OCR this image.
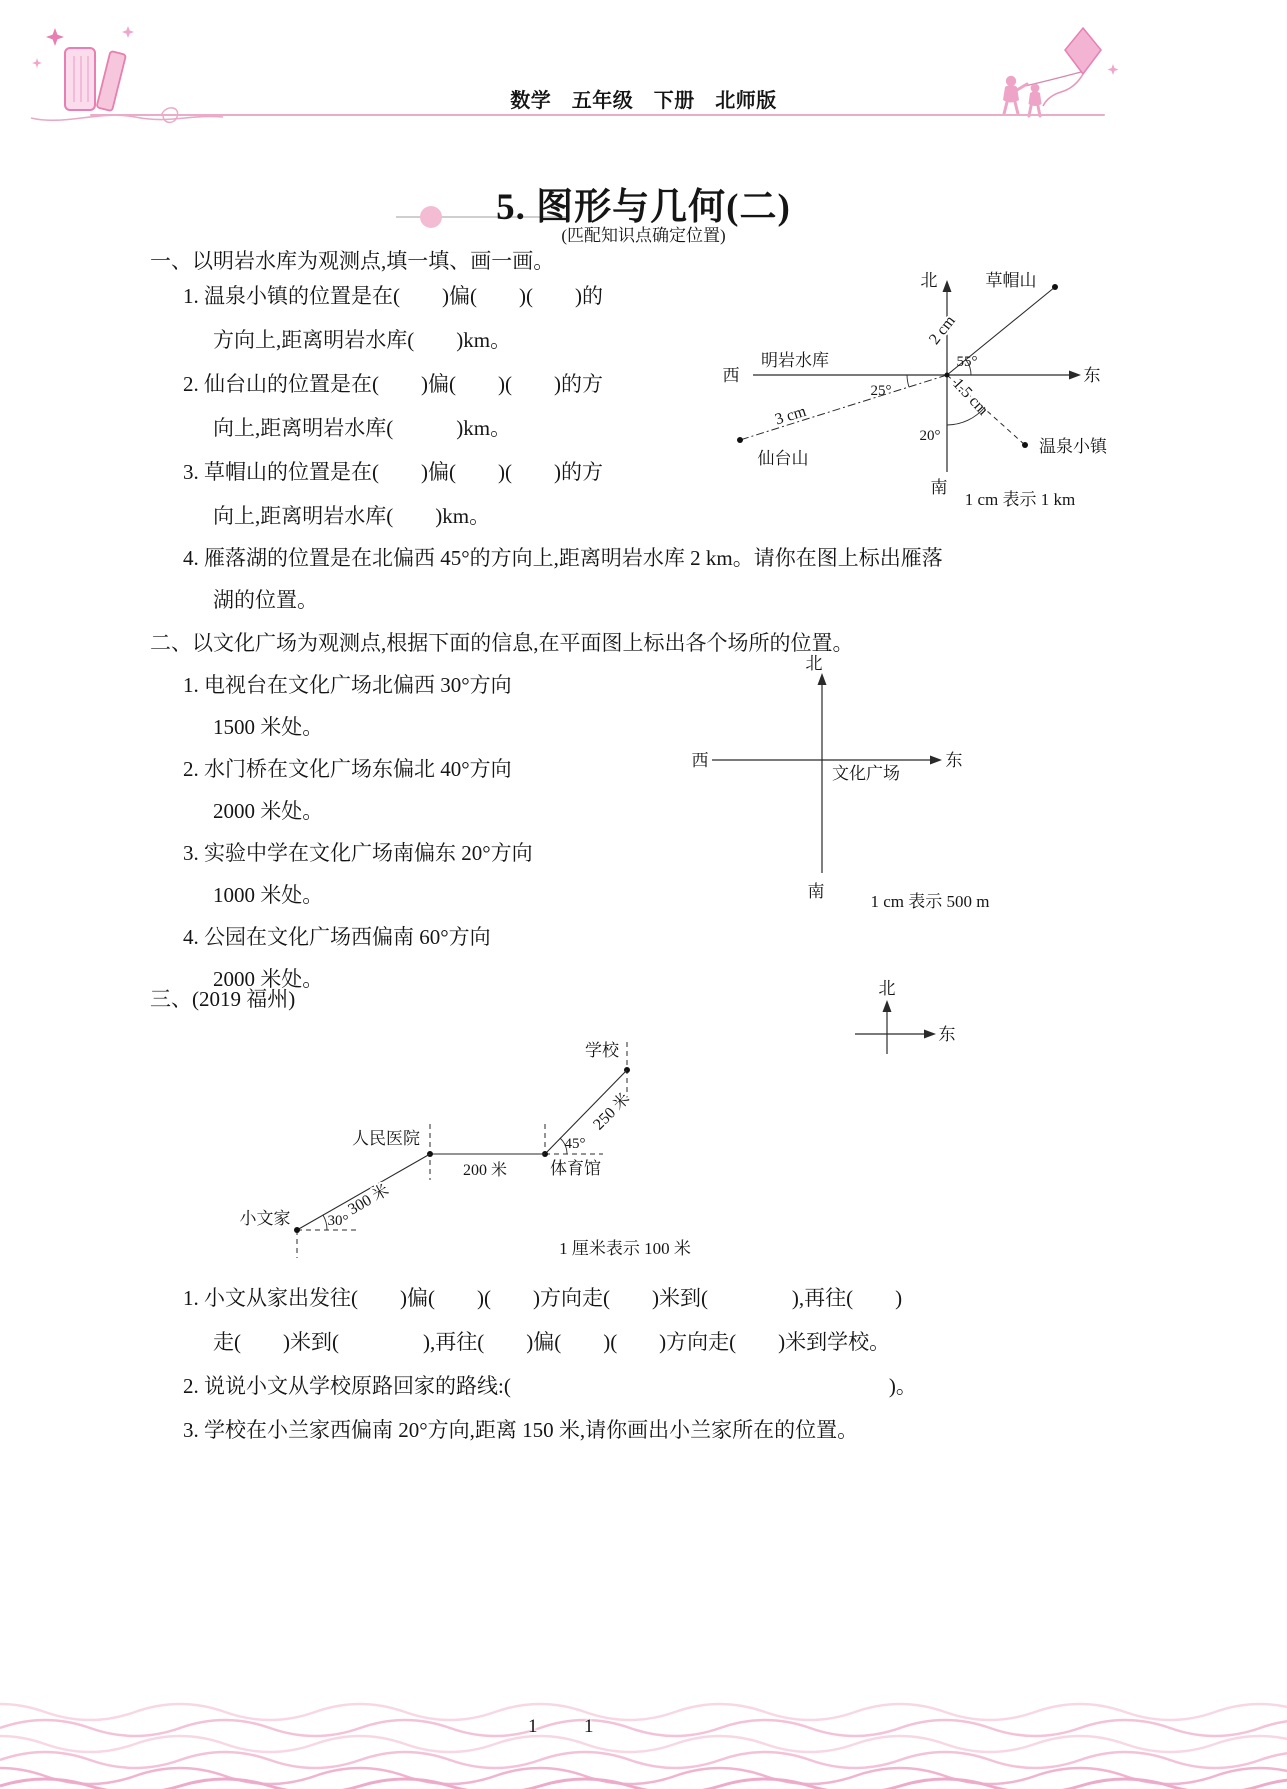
数学　五年级　下册　北师版
5. 图形与几何(二)
(匹配知识点确定位置)
一、以明岩水库为观测点,填一填、画一画。
1. 温泉小镇的位置是在(　　)偏(　　)(　　)的
方向上,距离明岩水库(　　)km。
2. 仙台山的位置是在(　　)偏(　　)(　　)的方
向上,距离明岩水库(　　　)km。
3. 草帽山的位置是在(　　)偏(　　)(　　)的方
向上,距离明岩水库(　　)km。
4. 雁落湖的位置是在北偏西 45°的方向上,距离明岩水库 2 km。请你在图上标出雁落
湖的位置。
北	草帽山
南
西	东
明岩水库
2 cm
55°
温泉小镇
1.5 cm
20°
仙台山
3 cm
25°
1 cm 表示 1 km
二、以文化广场为观测点,根据下面的信息,在平面图上标出各个场所的位置。
1. 电视台在文化广场北偏西 30°方向
1500 米处。
2. 水门桥在文化广场东偏北 40°方向
2000 米处。
3. 实验中学在文化广场南偏东 20°方向
1000 米处。
4. 公园在文化广场西偏南 60°方向
2000 米处。
北
南
西	东
文化广场
1 cm 表示 500 m
三、(2019 福州)	北
东
学校
250 米
45°
体育馆
200 米
人民医院
300 米
30°
小文家
1 厘米表示 100 米
1. 小文从家出发往(　　)偏(　　)(　　)方向走(　　)米到(　　　　),再往(　　)
走(　　)米到(　　　　),再往(　　)偏(　　)(　　)方向走(　　)米到学校。
2. 说说小文从学校原路回家的路线:(　　　　　　　　　　　　　　　　　　)。
3. 学校在小兰家西偏南 20°方向,距离 150 米,请你画出小兰家所在的位置。
1 1
